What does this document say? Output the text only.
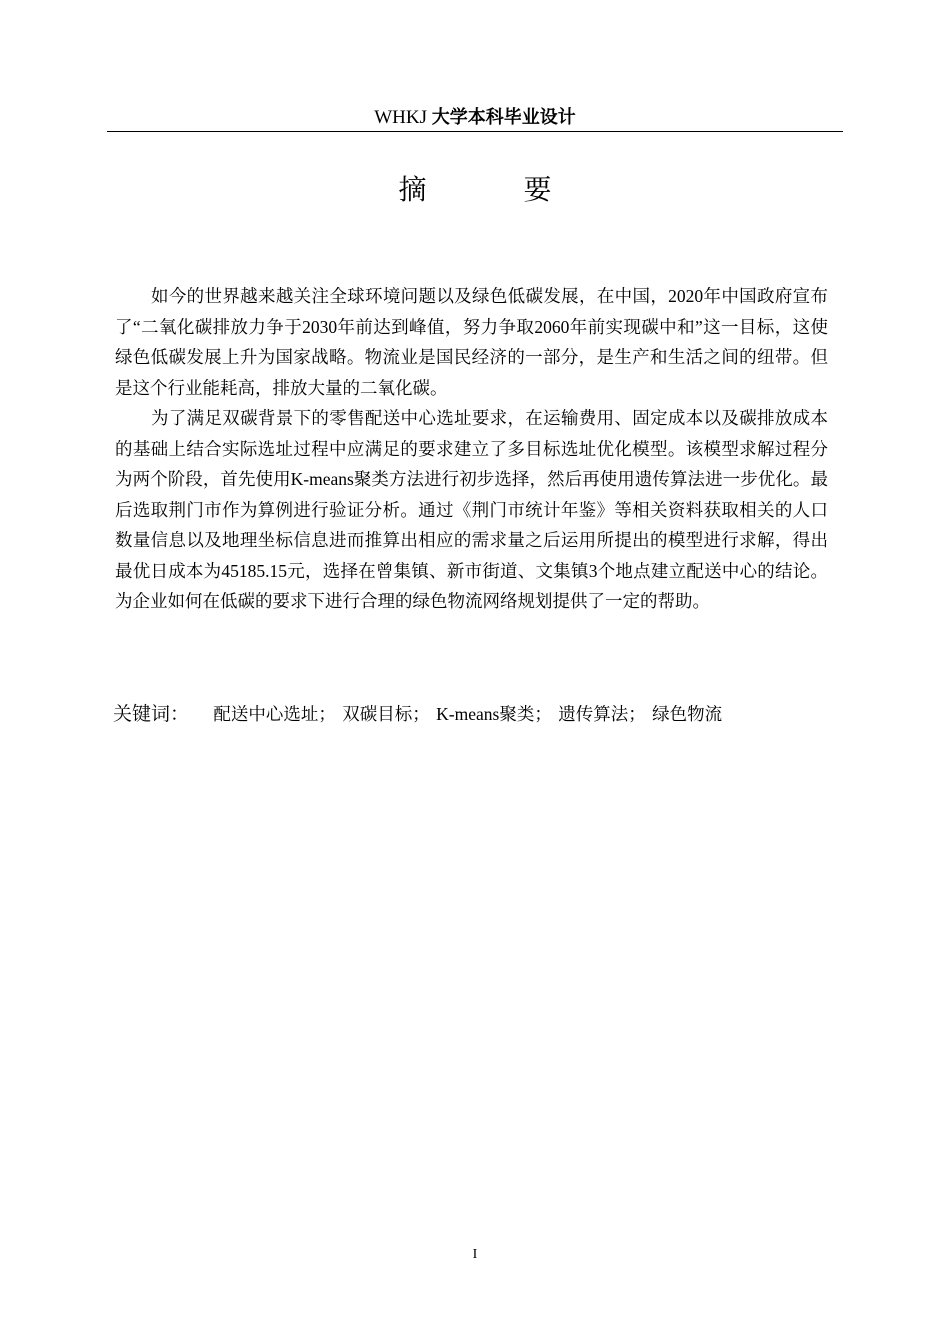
WHKJ 大学本科毕业设计
摘 要

如今的世界越来越关注全球环境问题以及绿色低碳发展，在中国，2020年中国政府宣布了“二氧化碳排放力争于2030年前达到峰值，努力争取2060年前实现碳中和”这一目标，这使绿色低碳发展上升为国家战略。物流业是国民经济的一部分，是生产和生活之间的纽带。但是这个行业能耗高，排放大量的二氧化碳。

为了满足双碳背景下的零售配送中心选址要求，在运输费用、固定成本以及碳排放成本的基础上结合实际选址过程中应满足的要求建立了多目标选址优化模型。该模型求解过程分为两个阶段，首先使用K-means聚类方法进行初步选择，然后再使用遗传算法进一步优化。最后选取荆门市作为算例进行验证分析。通过《荆门市统计年鉴》等相关资料获取相关的人口数量信息以及地理坐标信息进而推算出相应的需求量之后运用所提出的模型进行求解，得出最优日成本为45185.15元，选择在曾集镇、新市街道、文集镇3个地点建立配送中心的结论。为企业如何在低碳的要求下进行合理的绿色物流网络规划提供了一定的帮助。

关键词： 配送中心选址； 双碳目标； K-means聚类； 遗传算法； 绿色物流
I
